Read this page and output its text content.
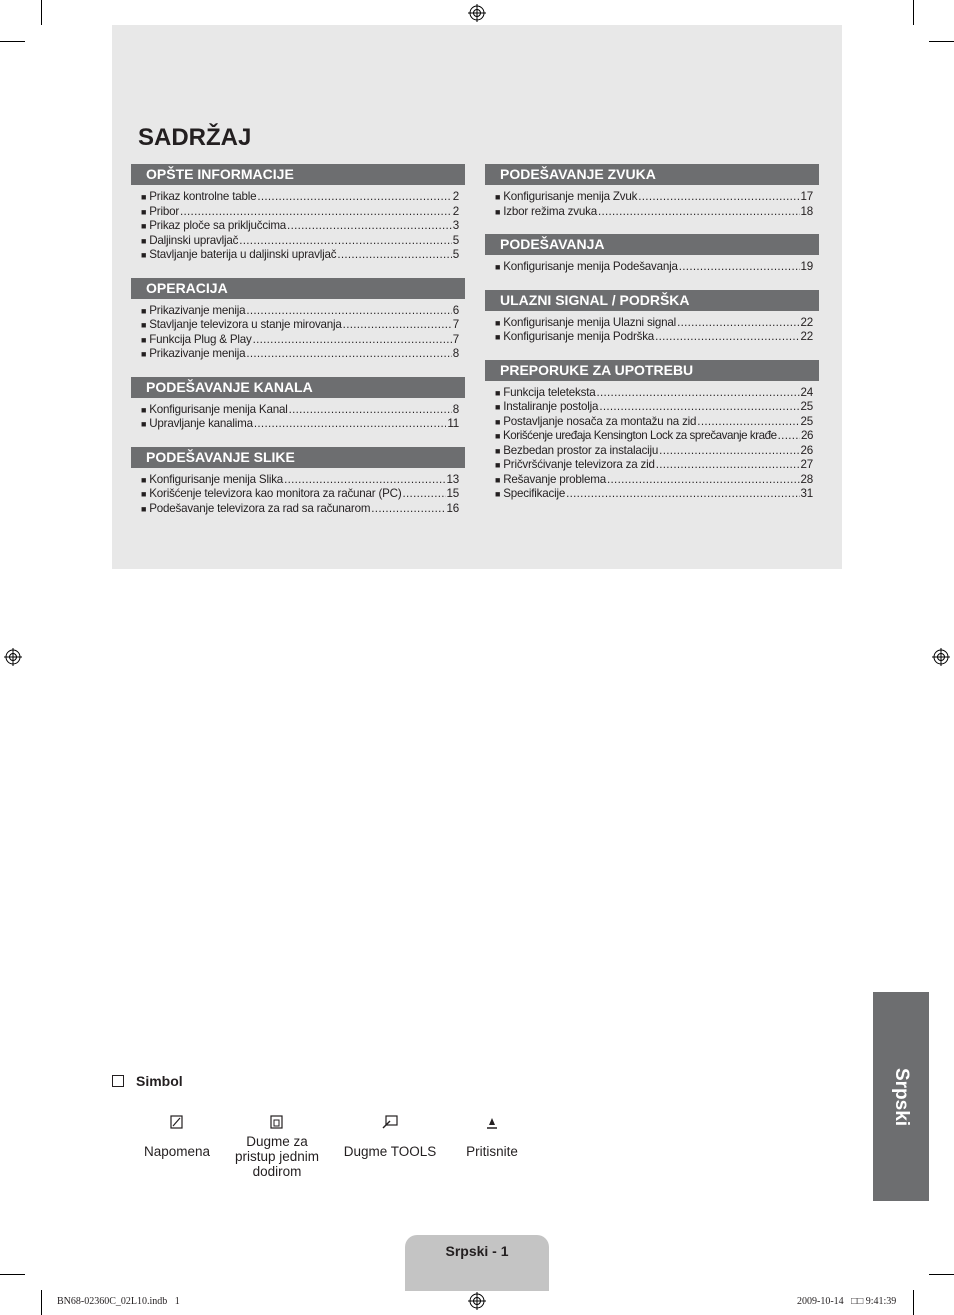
SADRŽAJ
OPŠTE INFORMACIJE
■ Prikaz kontrolne table .....	2
■ Pribor .....	2
■ Prikaz ploče sa priključcima .....	3
■ Daljinski upravljač .....	5
■ Stavljanje baterija u daljinski upravljač .....	5
OPERACIJA
■ Prikazivanje menija .....	6
■ Stavljanje televizora u stanje mirovanja .....	7
■ Funkcija Plug & Play .....	7
■ Prikazivanje menija .....	8
PODEŠAVANJE KANALA
■ Konfigurisanje menija Kanal .....	8
■ Upravljanje kanalima .....	11
PODEŠAVANJE SLIKE
■ Konfigurisanje menija Slika .....	13
■ Korišćenje televizora kao monitora za računar (PC) .....	15
■ Podešavanje televizora za rad sa računarom .....	16
PODEŠAVANJE ZVUKA
■ Konfigurisanje menija Zvuk .....	17
■ Izbor režima zvuka .....	18
PODEŠAVANJA
■ Konfigurisanje menija Podešavanja .....	19
ULAZNI SIGNAL / PODRŠKA
■ Konfigurisanje menija Ulazni signal .....	22
■ Konfigurisanje menija Podrška .....	22
PREPORUKE ZA UPOTREBU
■ Funkcija teleteksta .....	24
■ Instaliranje postolja .....	25
■ Postavljanje nosača za montažu na zid .....	25
■ Korišćenje uređaja Kensington Lock za sprečavanje krađe ..... 26
■ Bezbedan prostor za instalaciju .....	26
■ Pričvršćivanje televizora za zid .....	27
■ Rešavanje problema .....	28
■ Specifikacije .....	31
Srpski
Simbol
Napomena
Dugme za pristup jednim dodirom
Dugme TOOLS	Pritisnite
Srpski - 1
BN68-02360C_02L10.indb   1	2009-10-14   □□ 9:41:39
